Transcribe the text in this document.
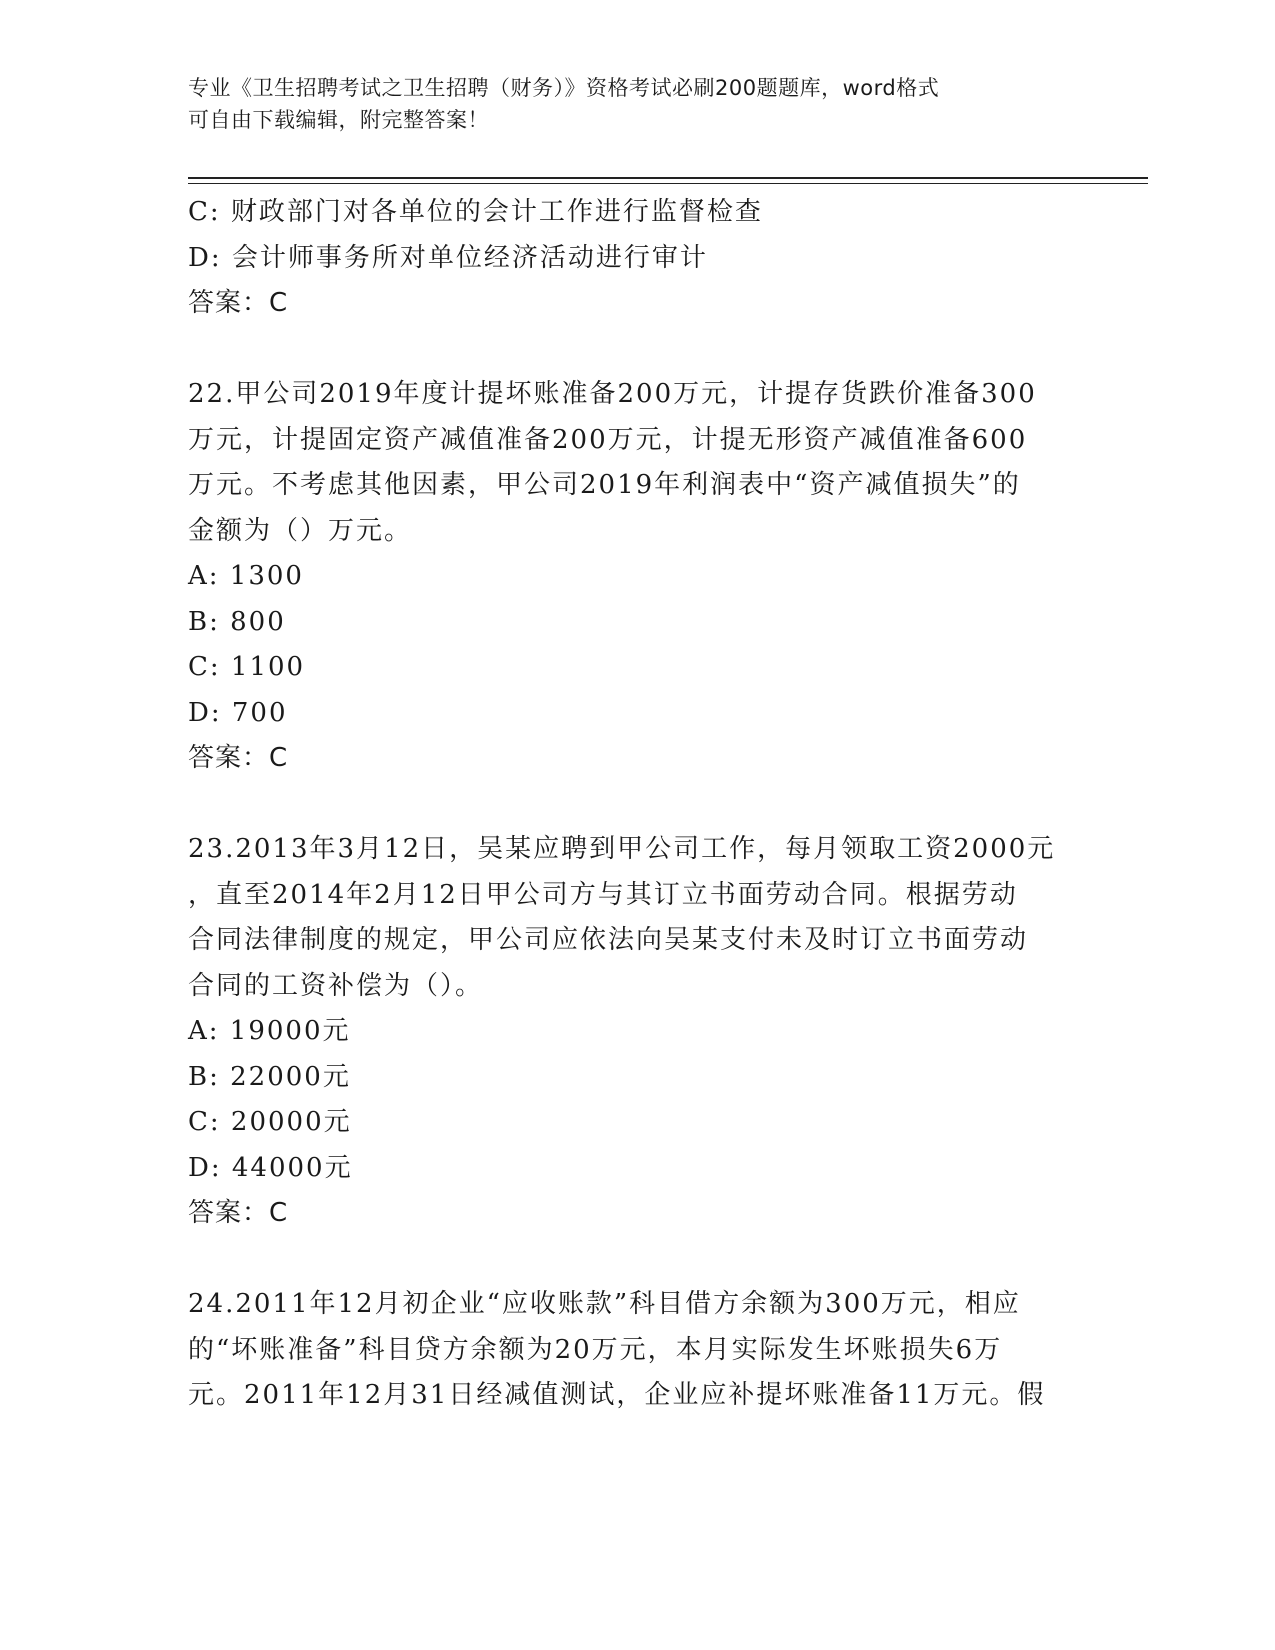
专业《卫生招聘考试之卫生招聘（财务）》资格考试必刷200题题库，word格式
可自由下载编辑，附完整答案！
C: 财政部门对各单位的会计工作进行监督检查
D: 会计师事务所对单位经济活动进行审计
答案：C
22.甲公司2019年度计提坏账准备200万元，计提存货跌价准备300
万元，计提固定资产减值准备200万元，计提无形资产减值准备600
万元。不考虑其他因素，甲公司2019年利润表中“资产减值损失”的
金额为（）万元。
A: 1300
B: 800
C: 1100
D: 700
答案：C
23.2013年3月12日，吴某应聘到甲公司工作，每月领取工资2000元
，直至2014年2月12日甲公司方与其订立书面劳动合同。根据劳动
合同法律制度的规定，甲公司应依法向吴某支付未及时订立书面劳动
合同的工资补偿为（）。
A: 19000元
B: 22000元
C: 20000元
D: 44000元
答案：C
24.2011年12月初企业“应收账款”科目借方余额为300万元，相应
的“坏账准备”科目贷方余额为20万元，本月实际发生坏账损失6万
元。2011年12月31日经减值测试，企业应补提坏账准备11万元。假
